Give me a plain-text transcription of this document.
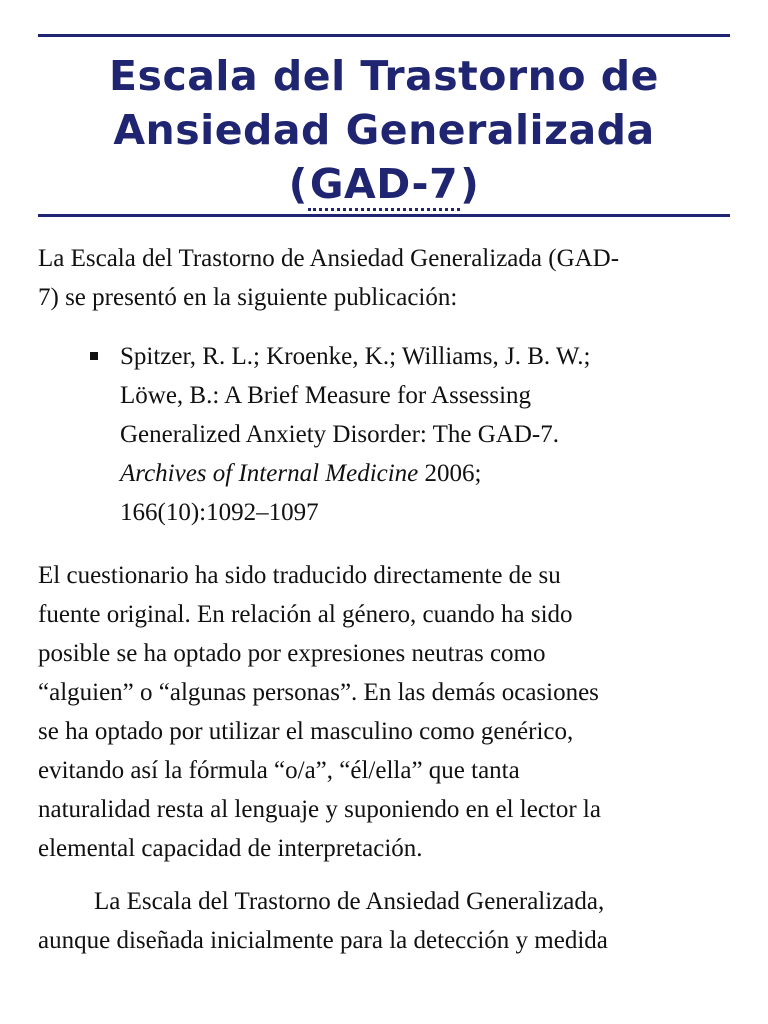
Escala del Trastorno de
Ansiedad Generalizada
(GAD-7)
La Escala del Trastorno de Ansiedad Generalizada (GAD-
7) se presentó en la siguiente publicación:
Spitzer, R. L.; Kroenke, K.; Williams, J. B. W.;
Löwe, B.: A Brief Measure for Assessing
Generalized Anxiety Disorder: The GAD-7.
Archives of Internal Medicine 2006;
166(10):1092–1097
El cuestionario ha sido traducido directamente de su
fuente original. En relación al género, cuando ha sido
posible se ha optado por expresiones neutras como
“alguien” o “algunas personas”. En las demás ocasiones
se ha optado por utilizar el masculino como genérico,
evitando así la fórmula “o/a”, “él/ella” que tanta
naturalidad resta al lenguaje y suponiendo en el lector la
elemental capacidad de interpretación.
La Escala del Trastorno de Ansiedad Generalizada,
aunque diseñada inicialmente para la detección y medida
